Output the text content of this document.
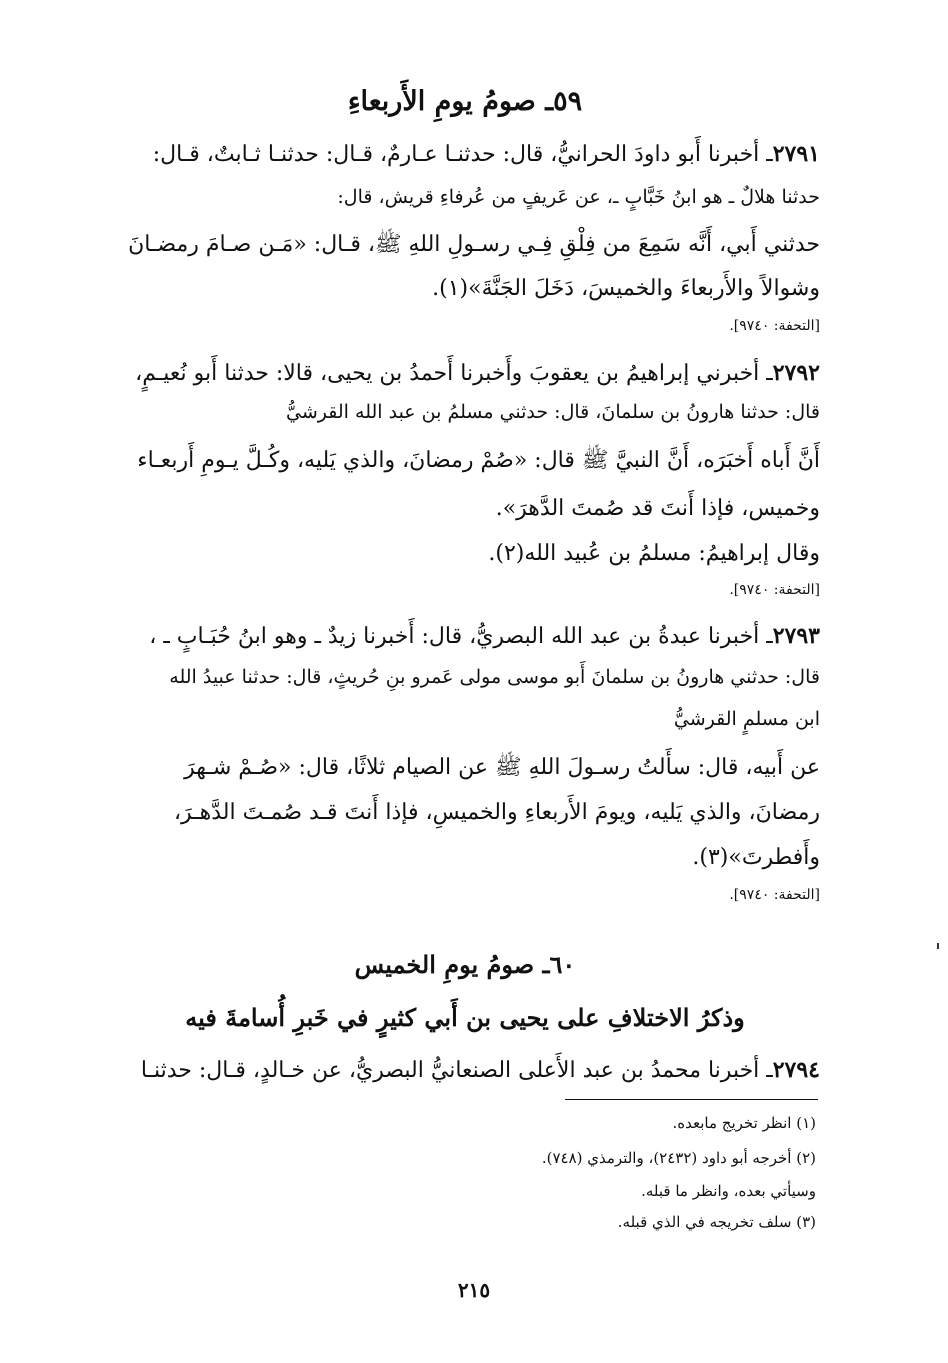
٥٩ـ صومُ يومِ الأَربعاءِ
٢٧٩١ـ أخبرنا أَبو داودَ الحرانيُّ، قال: حدثنـا عـارمٌ، قـال: حدثنـا ثـابتٌ، قـال:
حدثنا هلالٌ ـ هو ابنُ خَبَّابٍ ـ، عن عَريفٍ من عُرفاءِ قريش، قال:
حدثني أَبي، أَنَّه سَمِعَ من فِلْقِ فِـي رسـولِ اللهِ ﷺ، قـال: «مَـن صـامَ رمضـانَ
وشوالاً والأَربعاءَ والخميسَ، دَخَلَ الجَنَّةَ»(١).
[التحفة: ٩٧٤٠].
٢٧٩٢ـ أخبرني إبراهيمُ بن يعقوبَ وأَخبرنا أَحمدُ بن يحيى، قالا: حدثنا أَبو نُعيـمٍ،
قال: حدثنا هارونُ بن سلمانَ، قال: حدثني مسلمُ بن عبد الله القرشيُّ
أَنَّ أَباه أَخبَرَه، أَنَّ النبيَّ ﷺ قال: «صُمْ رمضانَ، والذي يَليه، وكُـلَّ يـومِ أَربعـاء
وخميس، فإذا أَنتَ قد صُمتَ الدَّهرَ».
وقال إبراهيمُ: مسلمُ بن عُبيد الله(٢).
[التحفة: ٩٧٤٠].
٢٧٩٣ـ أخبرنا عبدةُ بن عبد الله البصريُّ، قال: أَخبرنا زيدٌ ـ وهو ابنُ حُبَـابٍ ـ ،
قال: حدثني هارونُ بن سلمانَ أَبو موسى مولى عَمرو بنِ حُريثٍ، قال: حدثنا عبيدُ الله
ابن مسلمٍ القرشيُّ
عن أَبيه، قال: سأَلتُ رسـولَ اللهِ ﷺ عن الصيام ثلاثًا، قال: «صُـمْ شـهرَ
رمضانَ، والذي يَليه، ويومَ الأَربعاءِ والخميسِ، فإذا أَنتَ قـد صُمـتَ الدَّهـرَ،
وأَفطرتَ»(٣).
[التحفة: ٩٧٤٠].
٦٠ـ صومُ يومِ الخميس
وذكرُ الاختلافِ على يحيى بن أَبي كثيرٍ في خَبرِ أُسامةَ فيه
٢٧٩٤ـ أخبرنا محمدُ بن عبد الأَعلى الصنعانيُّ البصريُّ، عن خـالدٍ، قـال: حدثنـا
(١) انظر تخريج مابعده.
(٢) أخرجه أبو داود (٢٤٣٢)، والترمذي (٧٤٨).
وسيأتي بعده، وانظر ما قبله.
(٣) سلف تخريجه في الذي قبله.
٢١٥
